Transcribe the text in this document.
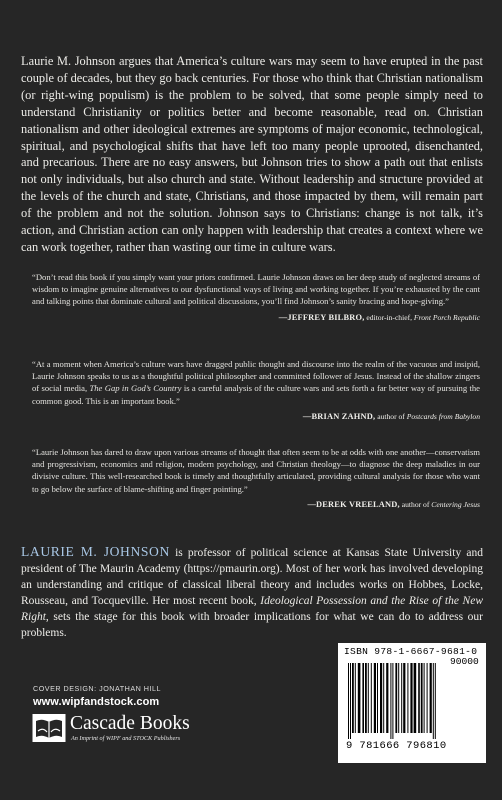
Laurie M. Johnson argues that America’s culture wars may seem to have erupted in the past couple of decades, but they go back centuries. For those who think that Christian nationalism (or right-wing populism) is the problem to be solved, that some people simply need to understand Christianity or politics better and become reasonable, read on. Christian nationalism and other ideological extremes are symptoms of major economic, technological, spiritual, and psychological shifts that have left too many people uprooted, disenchanted, and precarious. There are no easy answers, but Johnson tries to show a path out that enlists not only individuals, but also church and state. Without leadership and structure provided at the levels of the church and state, Christians, and those impacted by them, will remain part of the problem and not the solution. Johnson says to Christians: change is not talk, it’s action, and Christian action can only happen with leadership that creates a context where we can work together, rather than wasting our time in culture wars.

“Don’t read this book if you simply want your priors confirmed. Laurie Johnson draws on her deep study of neglected streams of wisdom to imagine genuine alternatives to our dysfunctional ways of living and working together. If you’re exhausted by the cant and talking points that dominate cultural and political discussions, you’ll find Johnson’s sanity bracing and hope-giving.”
—JEFFREY BILBRO, editor-in-chief, Front Porch Republic
“At a moment when America’s culture wars have dragged public thought and discourse into the realm of the vacuous and insipid, Laurie Johnson speaks to us as a thoughtful political philosopher and committed follower of Jesus. Instead of the shallow zingers of social media, The Gap in God’s Country is a careful analysis of the culture wars and sets forth a far better way of pursuing the common good. This is an important book.”
—BRIAN ZAHND, author of Postcards from Babylon
“Laurie Johnson has dared to draw upon various streams of thought that often seem to be at odds with one another—conservatism and progressivism, economics and religion, modern psychology, and Christian theology—to diagnose the deep maladies in our divisive culture. This well-researched book is timely and thoughtfully articulated, providing cultural analysis for those who want to go below the surface of blame-shifting and finger pointing.”
—DEREK VREELAND, author of Centering Jesus

LAURIE M. JOHNSON is professor of political science at Kansas State University and president of The Maurin Academy (https://pmaurin.org). Most of her work has involved developing an understanding and critique of classical liberal theory and includes works on Hobbes, Locke, Rousseau, and Tocqueville. Her most recent book, Ideological Possession and the Rise of the New Right, sets the stage for this book with broader implications for what we can do to address our problems.

COVER DESIGN: JONATHAN HILL
www.wipfandstock.com
Cascade Books
An Imprint of WIPF and STOCK Publishers
ISBN 978-1-6667-9681-0
90000
9 781666 796810
